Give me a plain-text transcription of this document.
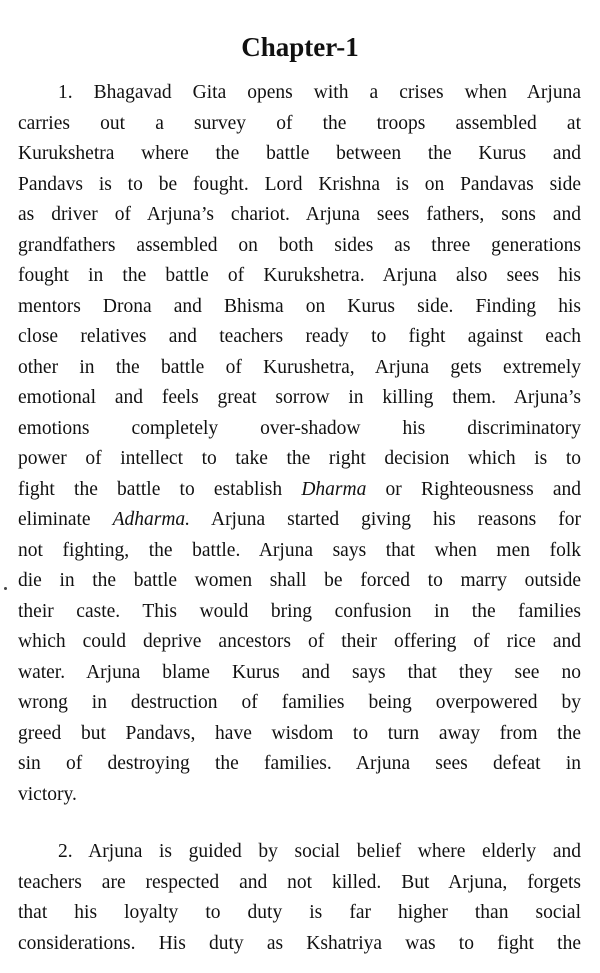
Chapter-1
1. Bhagavad Gita opens with a crises when Arjuna
carries out a survey of the troops assembled at
Kurukshetra where the battle between the Kurus and
Pandavs is to be fought. Lord Krishna is on Pandavas side
as driver of Arjuna’s chariot. Arjuna sees fathers, sons and
grandfathers assembled on both sides as three generations
fought in the battle of Kurukshetra. Arjuna also sees his
mentors Drona and Bhisma on Kurus side. Finding his
close relatives and teachers ready to fight against each
other in the battle of Kurushetra, Arjuna gets extremely
emotional and feels great sorrow in killing them. Arjuna’s
emotions completely over-shadow his discriminatory
power of intellect to take the right decision which is to
fight the battle to establish Dharma or Righteousness and
eliminate Adharma. Arjuna started giving his reasons for
not fighting, the battle. Arjuna says that when men folk
die in the battle women shall be forced to marry outside
their caste. This would bring confusion in the families
which could deprive ancestors of their offering of rice and
water. Arjuna blame Kurus and says that they see no
wrong in destruction of families being overpowered by
greed but Pandavs, have wisdom to turn away from the
sin of destroying the families. Arjuna sees defeat in
victory.
2. Arjuna is guided by social belief where elderly and
teachers are respected and not killed. But Arjuna, forgets
that his loyalty to duty is far higher than social
considerations. His duty as Kshatriya was to fight the
